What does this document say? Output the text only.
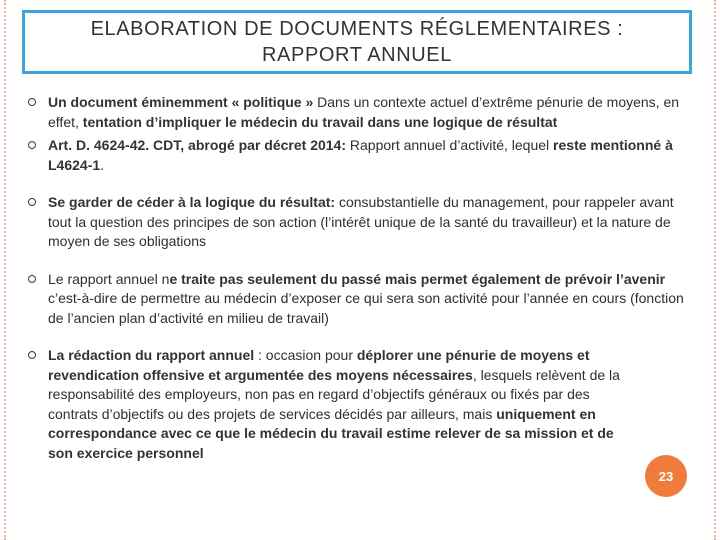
ELABORATION DE DOCUMENTS RÉGLEMENTAIRES :
RAPPORT ANNUEL
Un document éminemment « politique » Dans un contexte actuel d’extrême pénurie de moyens, en effet, tentation d’impliquer le médecin du travail dans une logique de résultat
Art. D. 4624-42. CDT, abrogé par décret 2014: Rapport annuel d’activité, lequel reste mentionné à L4624-1.
Se garder de céder à la logique du résultat: consubstantielle du management, pour rappeler avant tout la question des principes de son action (l’intérêt unique de la santé du travailleur) et la nature de moyen de ses obligations
Le rapport annuel ne traite pas seulement du passé mais permet également de prévoir l’avenir c’est-à-dire de permettre au médecin d’exposer ce qui sera son activité pour l’année en cours (fonction de l’ancien plan d’activité en milieu de travail)
La rédaction du rapport annuel : occasion pour déplorer une pénurie de moyens et revendication offensive et argumentée des moyens nécessaires, lesquels relèvent de la responsabilité des employeurs, non pas en regard d’objectifs généraux ou fixés par des contrats d’objectifs ou des projets de services décidés par ailleurs, mais uniquement en correspondance avec ce que le médecin du travail estime relever de sa mission et de son exercice personnel
23
